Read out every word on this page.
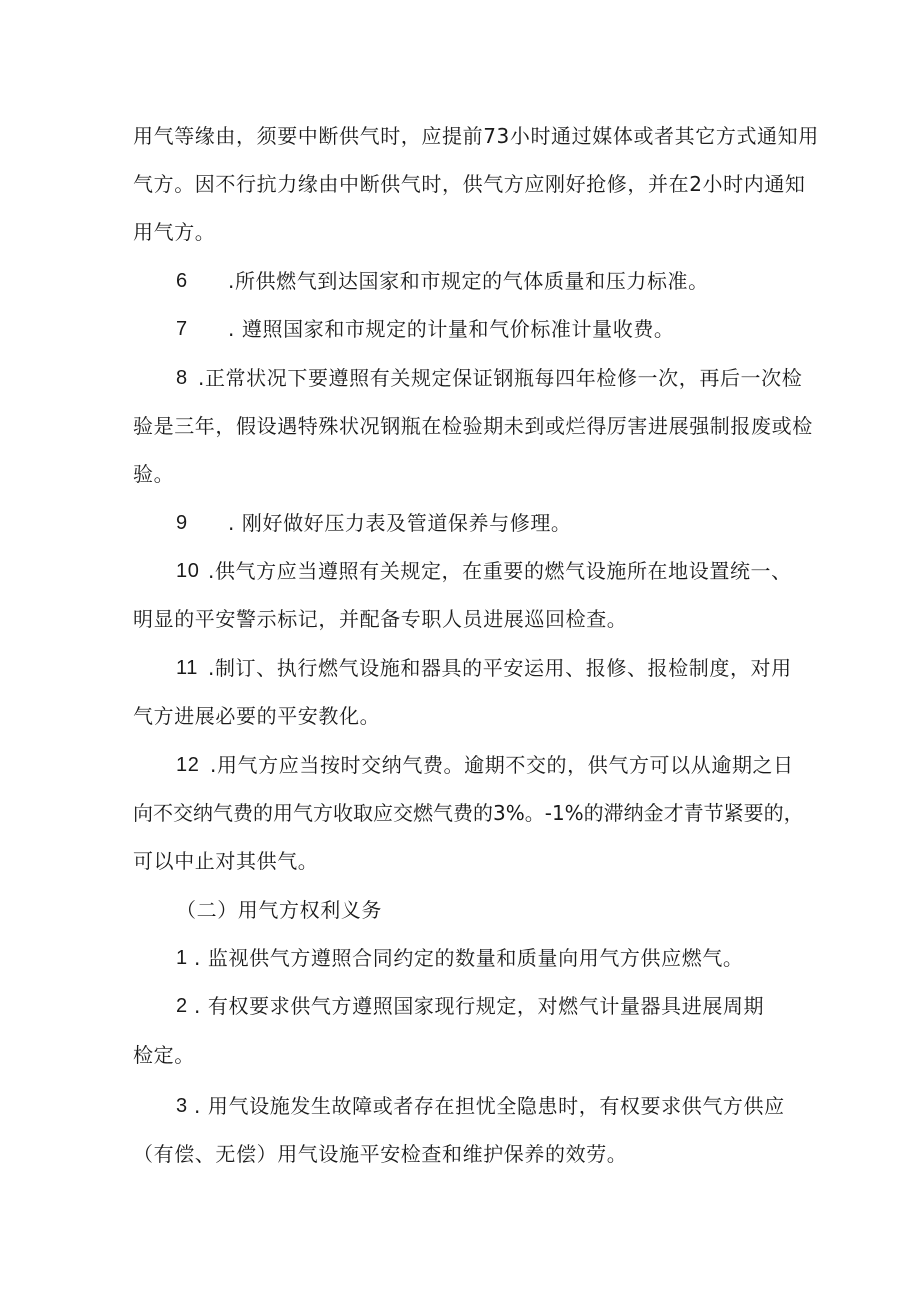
用气等缘由，须要中断供气时，应提前73小时通过媒体或者其它方式通知用
气方。因不行抗力缘由中断供气时，供气方应刚好抢修，并在2小时内通知
用气方。
6 .所供燃气到达国家和市规定的气体质量和压力标准。
7 . 遵照国家和市规定的计量和气价标准计量收费。
8 .正常状况下要遵照有关规定保证钢瓶每四年检修一次，再后一次检
验是三年，假设遇特殊状况钢瓶在检验期未到或烂得厉害进展强制报废或检
验。
9 . 刚好做好压力表及管道保养与修理。
10 .供气方应当遵照有关规定，在重要的燃气设施所在地设置统一、
明显的平安警示标记，并配备专职人员进展巡回检查。
11 .制订、执行燃气设施和器具的平安运用、报修、报检制度，对用
气方进展必要的平安教化。
12 .用气方应当按时交纳气费。逾期不交的，供气方可以从逾期之日
向不交纳气费的用气方收取应交燃气费的3%。-1%的滞纳金才青节紧要的，
可以中止对其供气。
（二）用气方权利义务
1 . 监视供气方遵照合同约定的数量和质量向用气方供应燃气。
2 . 有权要求供气方遵照国家现行规定，对燃气计量器具进展周期
检定。
3 . 用气设施发生故障或者存在担忧全隐患时，有权要求供气方供应
（有偿、无偿）用气设施平安检查和维护保养的效劳。
